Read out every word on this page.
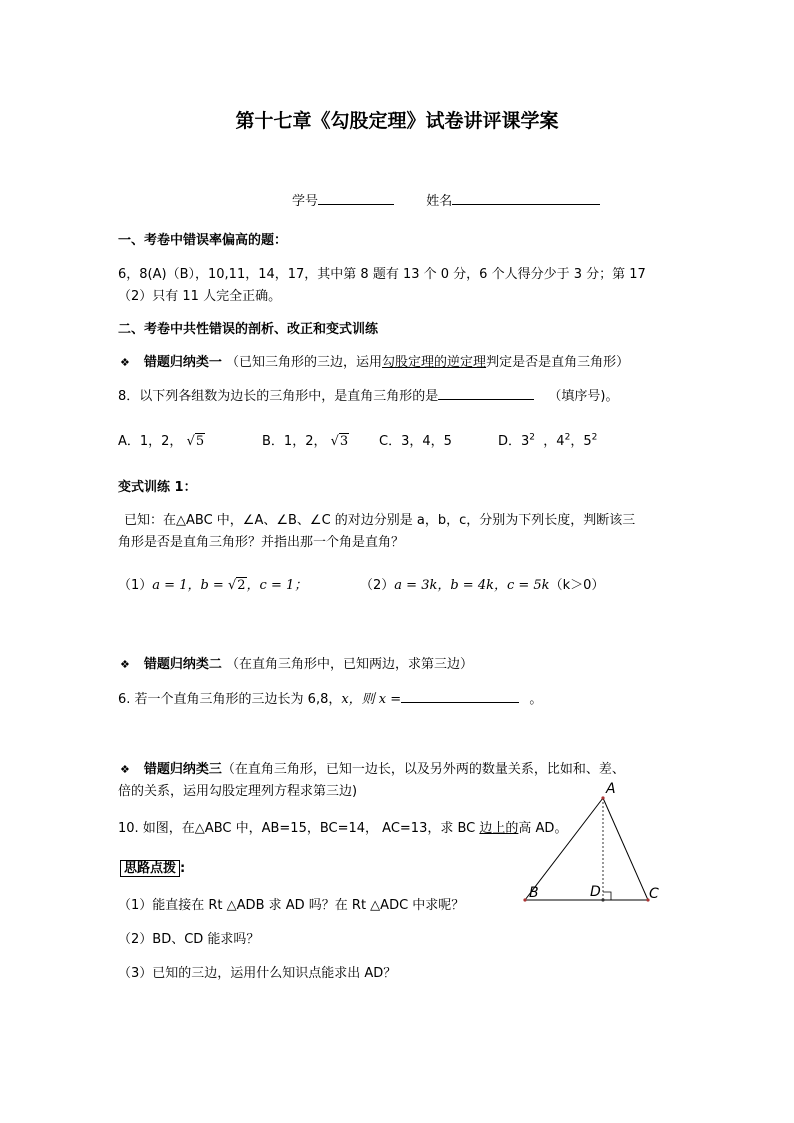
第十七章《勾股定理》试卷讲评课学案
学号	姓名
一、考卷中错误率偏高的题：
6，8(A)（B），10,11，14，17，其中第 8 题有 13 个 0 分，6 个人得分少于 3 分；第 17
（2）只有 11 人完全正确。
二、考卷中共性错误的剖析、改正和变式训练
❖ 错题归纳类一 （已知三角形的三边，运用勾股定理的逆定理判定是否是直角三角形）
8．以下列各组数为边长的三角形中，是直角三角形的是	（填序号)。
A．1，2， √5	B．1，2， √3 C．3，4，5	D．$3^2$  ，$4^2$，$5^2$
变式训练 1：
已知：在△ABC 中，∠A、∠B、∠C 的对边分别是 a，b，c，分别为下列长度，判断该三
角形是否是直角三角形？并指出那一个角是直角？
（1）a = 1，b = √2，c = 1；	（2）a = 3k，b = 4k，c = 5k（k＞0）
❖ 错题归纳类二 （在直角三角形中，已知两边，求第三边）
6. 若一个直角三角形的三边长为 6,8，x，则 x =	。
❖ 错题归纳类三（在直角三角形，已知一边长，以及另外两的数量关系，比如和、差、
倍的关系，运用勾股定理列方程求第三边)
10. 如图，在△ABC 中，AB=15，BC=14， AC=13，求 BC 边上的高 AD。
思路点拨 :
（1）能直接在 Rt △ADB 求 AD 吗？在 Rt △ADC 中求呢？
（2）BD、CD 能求吗？
（3）已知的三边，运用什么知识点能求出 AD？
A
B	D	C
